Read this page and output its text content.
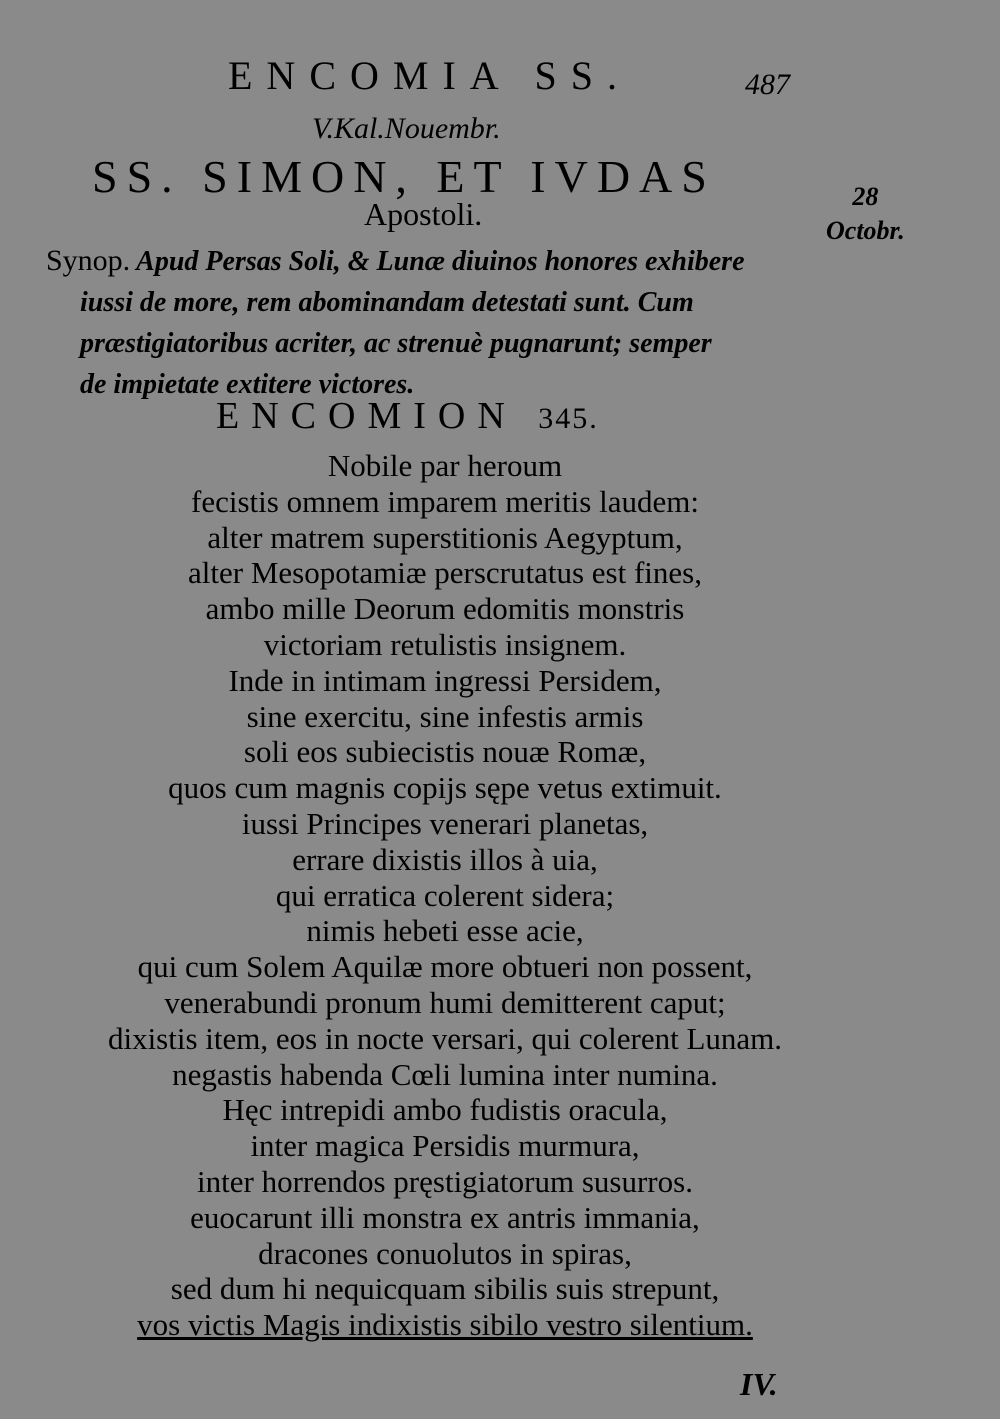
ENCOMIA SS.	487
V.Kal.Nouembr.
SS. SIMON, ET IVDAS
Apostoli.	28
Octobr.
Synop. Apud Persas Soli, & Lunæ diuinos honores exhibere
iussi de more, rem abominandam detestati sunt. Cum
præstigiatoribus acriter, ac strenuè pugnarunt; semper
de impietate extitere victores.
ENCOMION 345.
Nobile par heroum
fecistis omnem imparem meritis laudem:
alter matrem superstitionis Aegyptum,
alter Mesopotamiæ perscrutatus est fines,
ambo mille Deorum edomitis monstris
victoriam retulistis insignem.
Inde in intimam ingressi Persidem,
sine exercitu, sine infestis armis
soli eos subiecistis nouæ Romæ,
quos cum magnis copijs sępe vetus extimuit.
iussi Principes venerari planetas,
errare dixistis illos à uia,
qui erratica colerent sidera;
nimis hebeti esse acie,
qui cum Solem Aquilæ more obtueri non possent,
venerabundi pronum humi demitterent caput;
dixistis item, eos in nocte versari, qui colerent Lunam.
negastis habenda Cœli lumina inter numina.
Hęc intrepidi ambo fudistis oracula,
inter magica Persidis murmura,
inter horrendos pręstigiatorum susurros.
euocarunt illi monstra ex antris immania,
dracones conuolutos in spiras,
sed dum hi nequicquam sibilis suis strepunt,
vos victis Magis indixistis sibilo vestro silentium.
IV.
